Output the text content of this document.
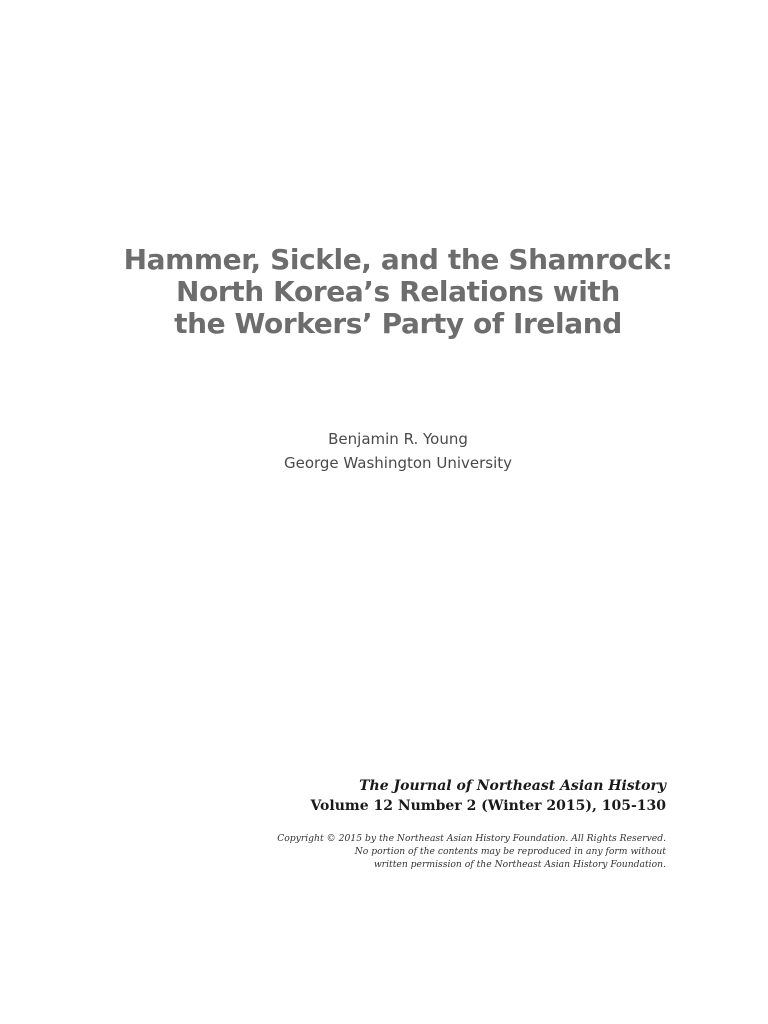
Hammer, Sickle, and the Shamrock:
North Korea’s Relations with
the Workers’ Party of Ireland
Benjamin R. Young
George Washington University
The Journal of Northeast Asian History
Volume 12 Number 2 (Winter 2015), 105-130
Copyright © 2015 by the Northeast Asian History Foundation. All Rights Reserved.
No portion of the contents may be reproduced in any form without
written permission of the Northeast Asian History Foundation.
